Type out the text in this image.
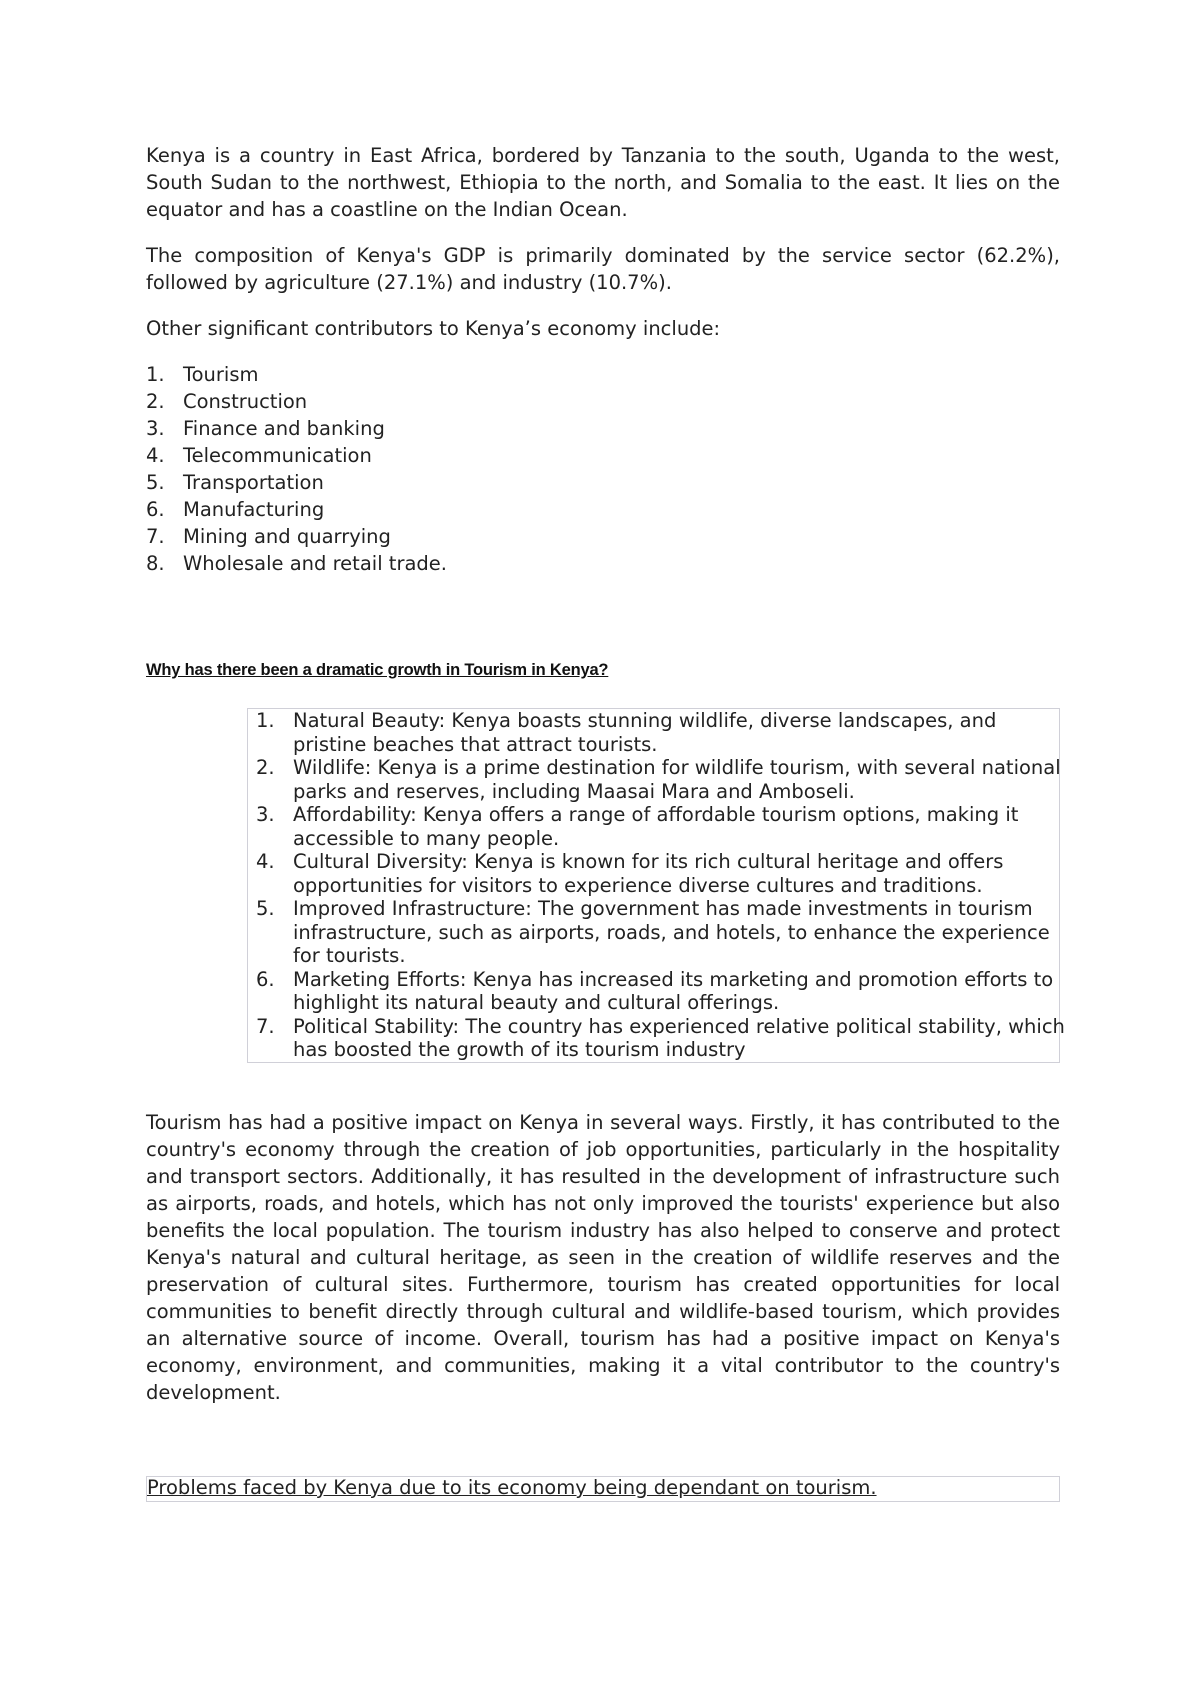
Kenya is a country in East Africa, bordered by Tanzania to the south, Uganda to the west, South Sudan to the northwest, Ethiopia to the north, and Somalia to the east. It lies on the equator and has a coastline on the Indian Ocean.

The composition of Kenya's GDP is primarily dominated by the service sector (62.2%), followed by agriculture (27.1%) and industry (10.7%).

Other significant contributors to Kenya’s economy include:

1. Tourism
2. Construction
3. Finance and banking
4. Telecommunication
5. Transportation
6. Manufacturing
7. Mining and quarrying
8. Wholesale and retail trade.
Why has there been a dramatic growth in Tourism in Kenya?
1. Natural Beauty: Kenya boasts stunning wildlife, diverse landscapes, and pristine beaches that attract tourists.
2. Wildlife: Kenya is a prime destination for wildlife tourism, with several national parks and reserves, including Maasai Mara and Amboseli.
3. Affordability: Kenya offers a range of affordable tourism options, making it accessible to many people.
4. Cultural Diversity: Kenya is known for its rich cultural heritage and offers opportunities for visitors to experience diverse cultures and traditions.
5. Improved Infrastructure: The government has made investments in tourism infrastructure, such as airports, roads, and hotels, to enhance the experience for tourists.
6. Marketing Efforts: Kenya has increased its marketing and promotion efforts to highlight its natural beauty and cultural offerings.
7. Political Stability: The country has experienced relative political stability, which has boosted the growth of its tourism industry

Tourism has had a positive impact on Kenya in several ways. Firstly, it has contributed to the country's economy through the creation of job opportunities, particularly in the hospitality and transport sectors. Additionally, it has resulted in the development of infrastructure such as airports, roads, and hotels, which has not only improved the tourists' experience but also benefits the local population. The tourism industry has also helped to conserve and protect Kenya's natural and cultural heritage, as seen in the creation of wildlife reserves and the preservation of cultural sites. Furthermore, tourism has created opportunities for local communities to benefit directly through cultural and wildlife-based tourism, which provides an alternative source of income. Overall, tourism has had a positive impact on Kenya's economy, environment, and communities, making it a vital contributor to the country's development.

Problems faced by Kenya due to its economy being dependant on tourism.
